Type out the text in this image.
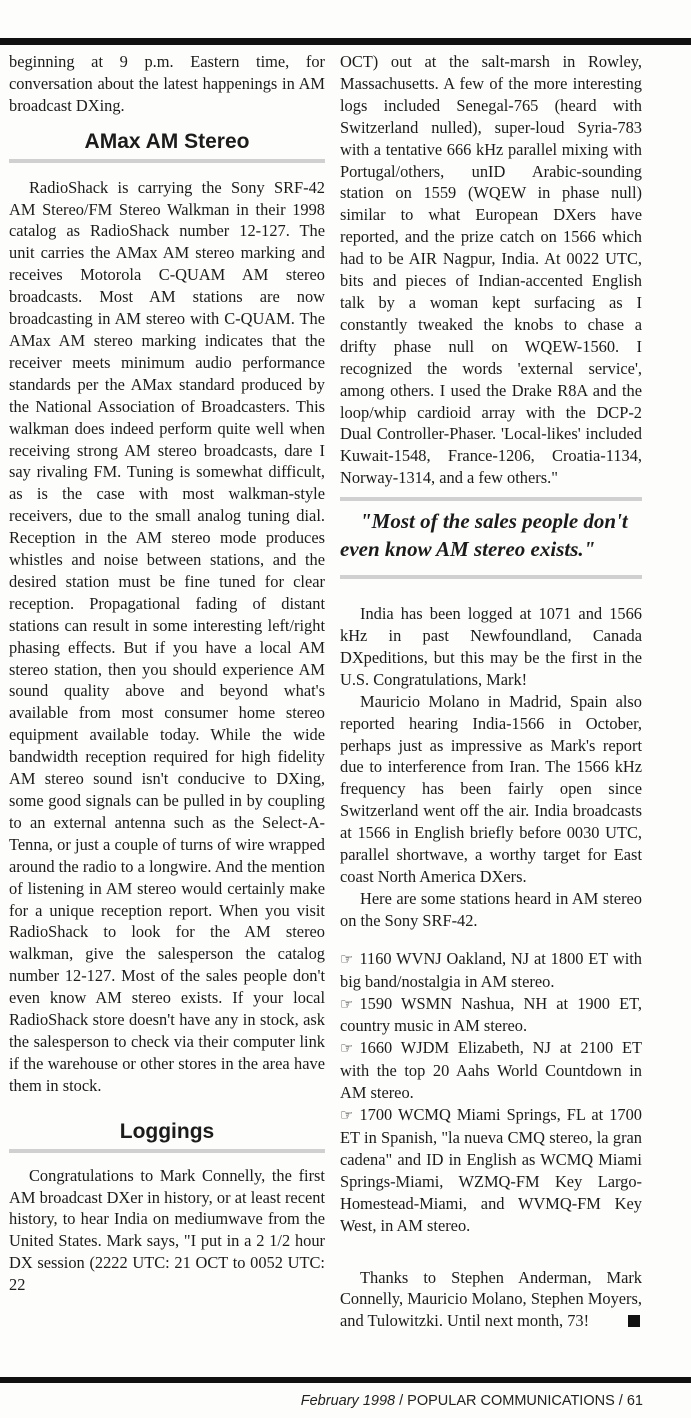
beginning at 9 p.m. Eastern time, for conversation about the latest happenings in AM broadcast DXing.

AMax AM Stereo

RadioShack is carrying the Sony SRF-42 AM Stereo/FM Stereo Walkman in their 1998 catalog as RadioShack number 12-127. The unit carries the AMax AM stereo marking and receives Motorola C-QUAM AM stereo broadcasts. Most AM stations are now broadcasting in AM stereo with C-QUAM. The AMax AM stereo marking indicates that the receiver meets minimum audio performance standards per the AMax standard produced by the National Association of Broadcasters. This walkman does indeed perform quite well when receiving strong AM stereo broadcasts, dare I say rivaling FM. Tuning is somewhat difficult, as is the case with most walkman-style receivers, due to the small analog tuning dial. Reception in the AM stereo mode produces whistles and noise between stations, and the desired station must be fine tuned for clear reception. Propagational fading of distant stations can result in some interesting left/right phasing effects. But if you have a local AM stereo station, then you should experience AM sound quality above and beyond what's available from most consumer home stereo equipment available today. While the wide bandwidth reception required for high fidelity AM stereo sound isn't conducive to DXing, some good signals can be pulled in by coupling to an external antenna such as the Select-A-Tenna, or just a couple of turns of wire wrapped around the radio to a longwire. And the mention of listening in AM stereo would certainly make for a unique reception report. When you visit RadioShack to look for the AM stereo walkman, give the salesperson the catalog number 12-127. Most of the sales people don't even know AM stereo exists. If your local RadioShack store doesn't have any in stock, ask the salesperson to check via their computer link if the warehouse or other stores in the area have them in stock.

Loggings

Congratulations to Mark Connelly, the first AM broadcast DXer in history, or at least recent history, to hear India on mediumwave from the United States. Mark says, "I put in a 2 1/2 hour DX session (2222 UTC: 21 OCT to 0052 UTC: 22

OCT) out at the salt-marsh in Rowley, Massachusetts. A few of the more interesting logs included Senegal-765 (heard with Switzerland nulled), super-loud Syria-783 with a tentative 666 kHz parallel mixing with Portugal/others, unID Arabic-sounding station on 1559 (WQEW in phase null) similar to what European DXers have reported, and the prize catch on 1566 which had to be AIR Nagpur, India. At 0022 UTC, bits and pieces of Indian-accented English talk by a woman kept surfacing as I constantly tweaked the knobs to chase a drifty phase null on WQEW-1560. I recognized the words 'external service', among others. I used the Drake R8A and the loop/whip cardioid array with the DCP-2 Dual Controller-Phaser. 'Local-likes' included Kuwait-1548, France-1206, Croatia-1134, Norway-1314, and a few others."

"Most of the sales people don't even know AM stereo exists."

India has been logged at 1071 and 1566 kHz in past Newfoundland, Canada DXpeditions, but this may be the first in the U.S. Congratulations, Mark!

Mauricio Molano in Madrid, Spain also reported hearing India-1566 in October, perhaps just as impressive as Mark's report due to interference from Iran. The 1566 kHz frequency has been fairly open since Switzerland went off the air. India broadcasts at 1566 in English briefly before 0030 UTC, parallel shortwave, a worthy target for East coast North America DXers.

Here are some stations heard in AM stereo on the Sony SRF-42.

☞ 1160 WVNJ Oakland, NJ at 1800 ET with big band/nostalgia in AM stereo.

☞ 1590 WSMN Nashua, NH at 1900 ET, country music in AM stereo.

☞ 1660 WJDM Elizabeth, NJ at 2100 ET with the top 20 Aahs World Countdown in AM stereo.

☞ 1700 WCMQ Miami Springs, FL at 1700 ET in Spanish, "la nueva CMQ stereo, la gran cadena" and ID in English as WCMQ Miami Springs-Miami, WZMQ-FM Key Largo-Homestead-Miami, and WVMQ-FM Key West, in AM stereo.

Thanks to Stephen Anderman, Mark Connelly, Mauricio Molano, Stephen Moyers, and Tulowitzki. Until next month, 73!

February 1998 / POPULAR COMMUNICATIONS / 61
